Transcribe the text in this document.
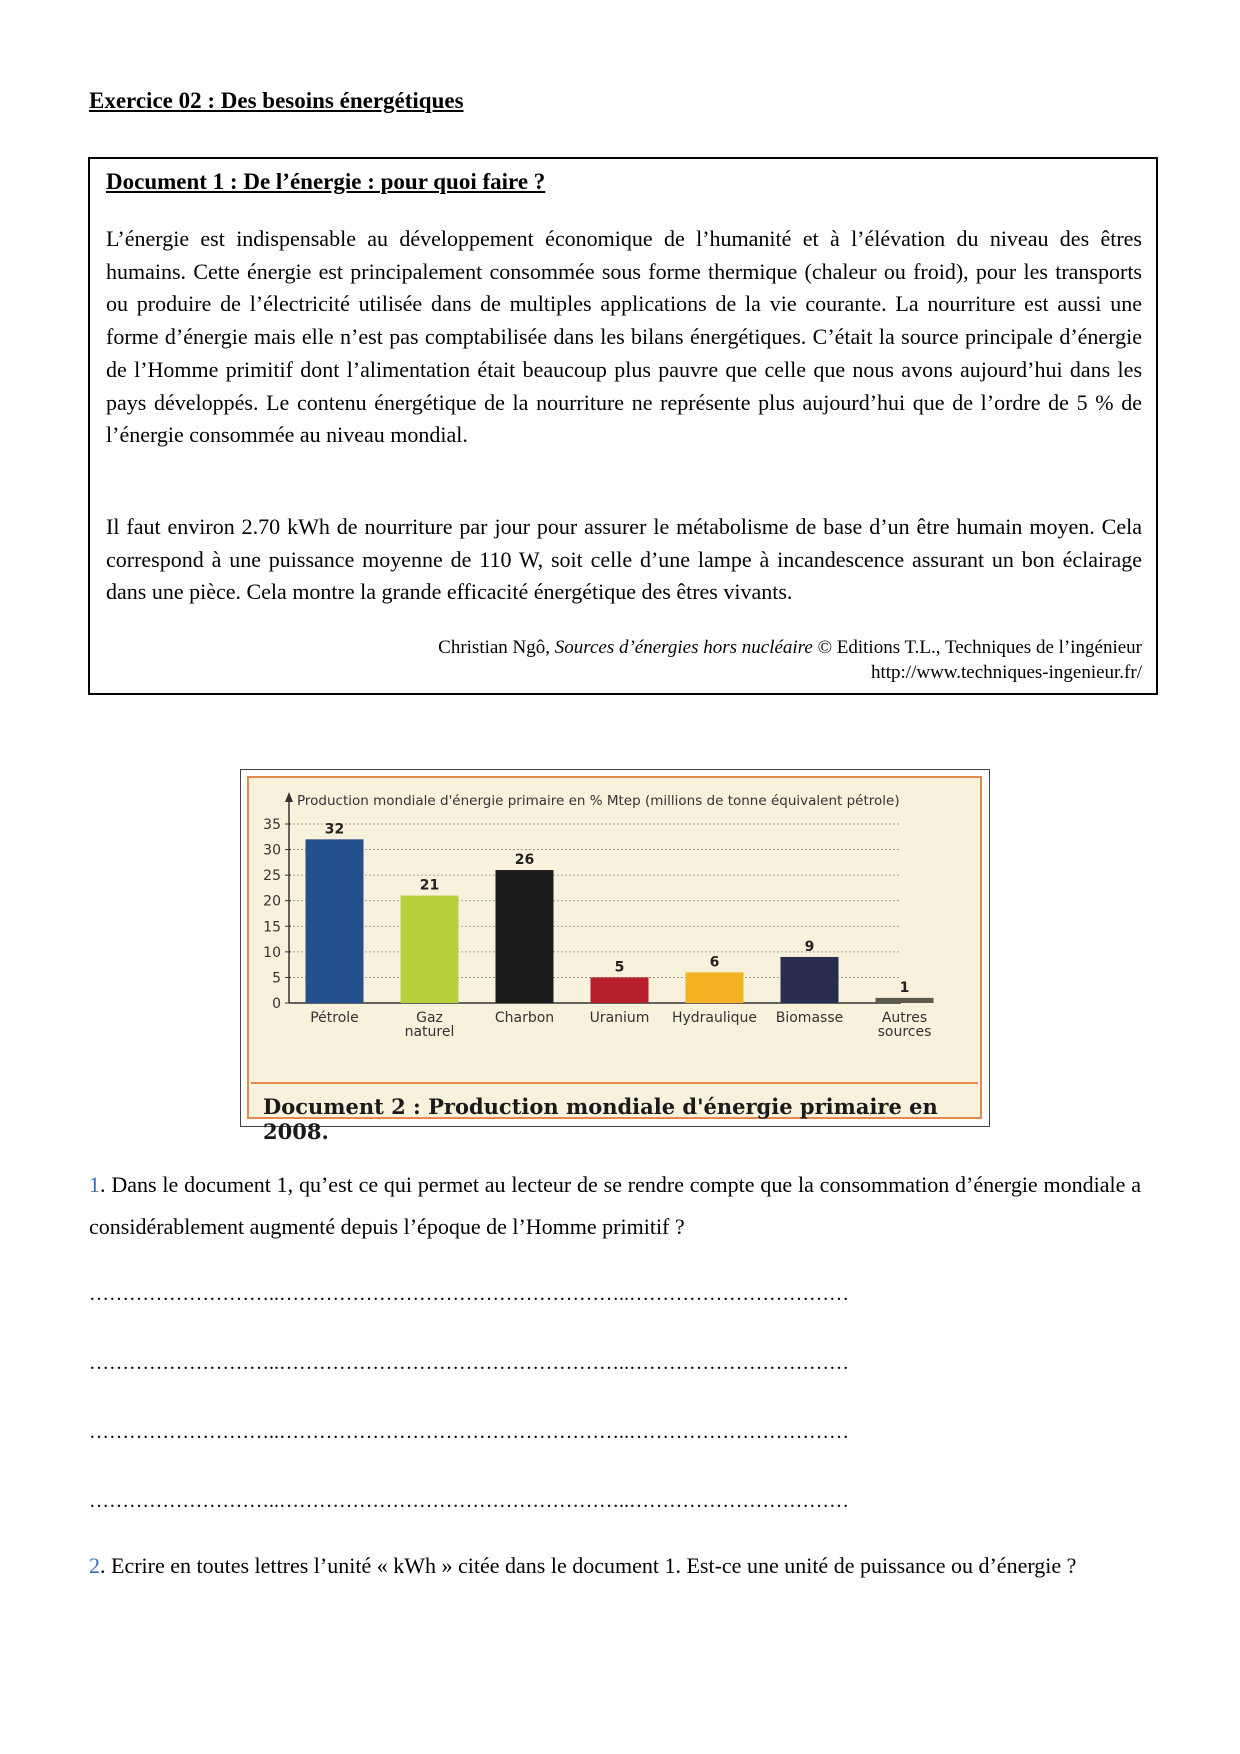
Exercice 02 : Des besoins énergétiques
Document 1 : De l’énergie : pour quoi faire ?

L’énergie est indispensable au développement économique de l’humanité et à l’élévation du niveau des êtres humains. Cette énergie est principalement consommée sous forme thermique (chaleur ou froid), pour les transports ou produire de l’électricité utilisée dans de multiples applications de la vie courante. La nourriture est aussi une forme d’énergie mais elle n’est pas comptabilisée dans les bilans énergétiques. C’était la source principale d’énergie de l’Homme primitif dont l’alimentation était beaucoup plus pauvre que celle que nous avons aujourd’hui dans les pays développés. Le contenu énergétique de la nourriture ne représente plus aujourd’hui que de l’ordre de 5 % de l’énergie consommée au niveau mondial.

Il faut environ 2.70 kWh de nourriture par jour pour assurer le métabolisme de base d’un être humain moyen. Cela correspond à une puissance moyenne de 110 W, soit celle d’une lampe à incandescence assurant un bon éclairage dans une pièce. Cela montre la grande efficacité énergétique des êtres vivants.

Christian Ngô, Sources d’énergies hors nucléaire © Editions T.L., Techniques de l’ingénieur
http://www.techniques-ingenieur.fr/
0
5
10
15
20
25
30
35
Production mondiale d'énergie primaire en % Mtep (millions de tonne équivalent pétrole)
32
Pétrole
21
Gaz
naturel
26
Charbon
5
Uranium
6
Hydraulique
9
Biomasse
1
Autres
sources
Document 2 : Production mondiale d'énergie primaire en 2008.

1. Dans le document 1, qu’est ce qui permet au lecteur de se rendre compte que la consommation d’énergie mondiale a considérablement augmenté depuis l’époque de l’Homme primitif ?

………………………..……………………………………………..……………………………
………………………..……………………………………………..……………………………
………………………..……………………………………………..……………………………
………………………..……………………………………………..……………………………

2. Ecrire en toutes lettres l’unité « kWh » citée dans le document 1. Est-ce une unité de puissance ou d’énergie ?
